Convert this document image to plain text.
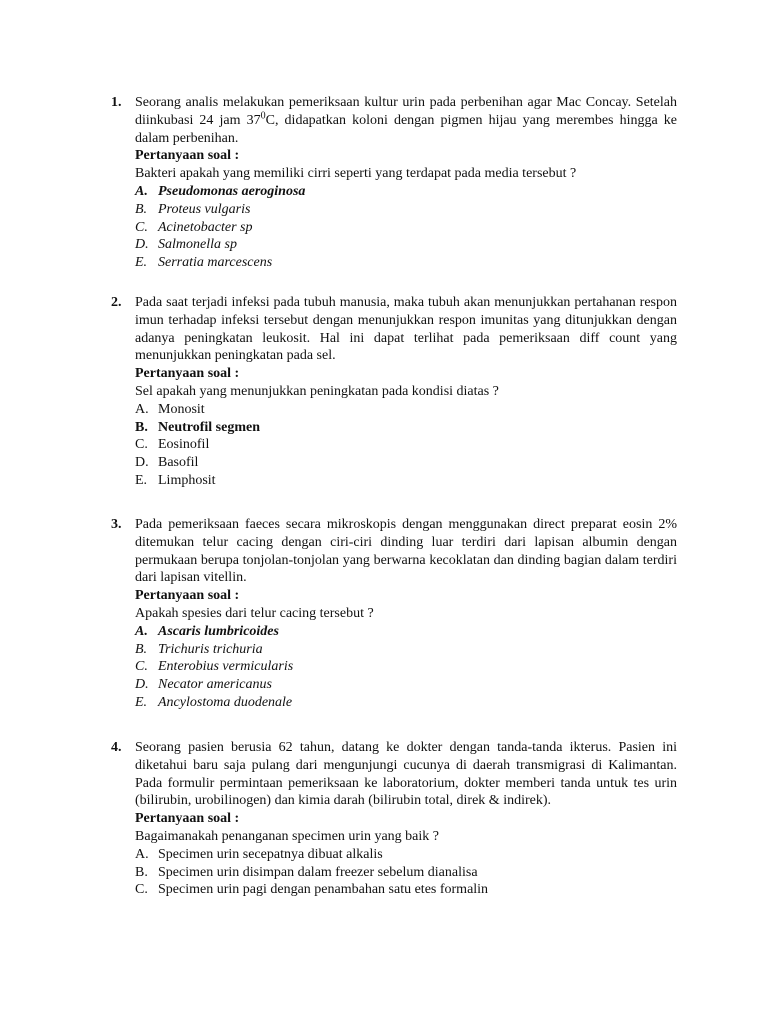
1. Seorang analis melakukan pemeriksaan kultur urin pada perbenihan agar Mac Concay. Setelah diinkubasi 24 jam $37^0C$, didapatkan koloni dengan pigmen hijau yang merembes hingga ke dalam perbenihan.

Pertanyaan soal :

Bakteri apakah yang memiliki cirri seperti yang terdapat pada media tersebut ?

A. Pseudomonas aeroginosa
B. Proteus vulgaris
C. Acinetobacter sp
D. Salmonella sp
E. Serratia marcescens
2. Pada saat terjadi infeksi pada tubuh manusia, maka tubuh akan menunjukkan pertahanan respon imun terhadap infeksi tersebut dengan menunjukkan respon imunitas yang ditunjukkan dengan adanya peningkatan leukosit. Hal ini dapat terlihat pada pemeriksaan diff count yang menunjukkan peningkatan pada sel.

Pertanyaan soal :

Sel apakah yang menunjukkan peningkatan pada kondisi diatas ?

A. Monosit
B. Neutrofil segmen
C. Eosinofil
D. Basofil
E. Limphosit
3. Pada pemeriksaan faeces secara mikroskopis dengan menggunakan direct preparat eosin 2% ditemukan telur cacing dengan ciri-ciri dinding luar terdiri dari lapisan albumin dengan permukaan berupa tonjolan-tonjolan yang berwarna kecoklatan dan dinding bagian dalam terdiri dari lapisan vitellin.

Pertanyaan soal :

Apakah spesies dari telur cacing tersebut ?

A. Ascaris lumbricoides
B. Trichuris trichuria
C. Enterobius vermicularis
D. Necator americanus
E. Ancylostoma duodenale
4. Seorang pasien berusia 62 tahun, datang ke dokter dengan tanda-tanda ikterus. Pasien ini diketahui baru saja pulang dari mengunjungi cucunya di daerah transmigrasi di Kalimantan. Pada formulir permintaan pemeriksaan ke laboratorium, dokter memberi tanda untuk tes urin (bilirubin, urobilinogen) dan kimia darah (bilirubin total, direk & indirek).

Pertanyaan soal :

Bagaimanakah penanganan specimen urin yang baik ?

A. Specimen urin secepatnya dibuat alkalis
B. Specimen urin disimpan dalam freezer sebelum dianalisa
C. Specimen urin pagi dengan penambahan satu etes formalin
